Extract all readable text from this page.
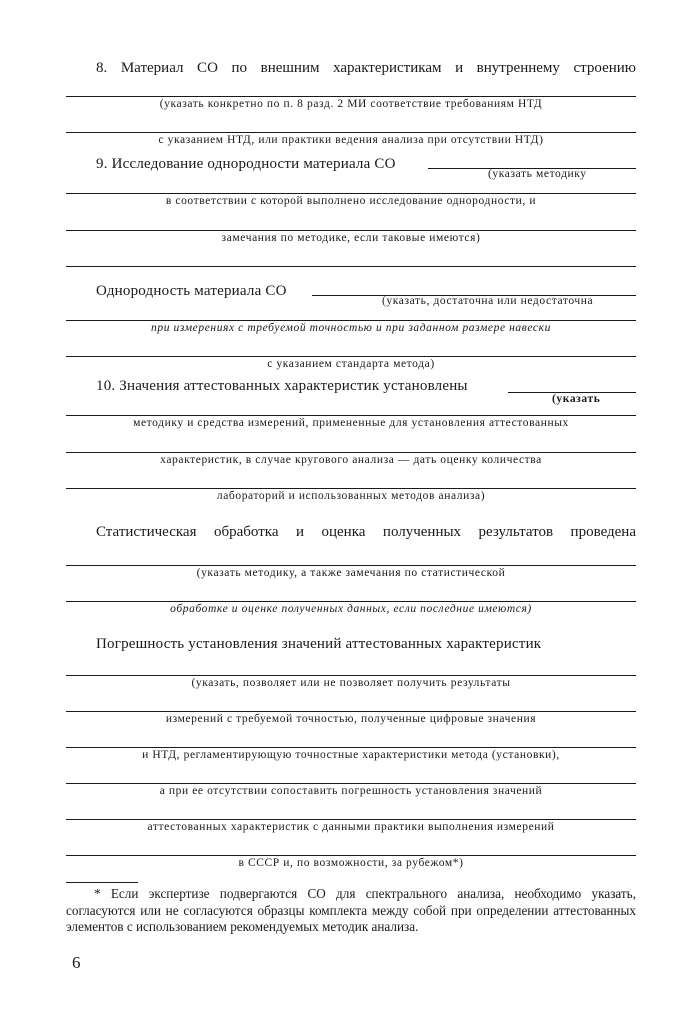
8. Материал СО по внешним характеристикам и внутреннему строению
(указать конкретно по п. 8 разд. 2 МИ соответствие требованиям НТД
с указанием НТД, или практики ведения анализа при отсутствии НТД)
9. Исследование однородности материала СО
(указать методику
в соответствии с которой выполнено исследование однородности, и
замечания по методике, если таковые имеются)
Однородность материала СО
(указать, достаточна или недостаточна
при измерениях с требуемой точностью и при заданном размере навески
с указанием стандарта метода)
10. Значения аттестованных характеристик установлены
(указать
методику и средства измерений, примененные для установления аттестованных
характеристик, в случае кругового анализа — дать оценку количества
лабораторий и использованных методов анализа)
Статистическая обработка и оценка полученных результатов проведена
(указать методику, а также замечания по статистической
обработке и оценке полученных данных, если последние имеются)
Погрешность установления значений аттестованных характеристик
(указать, позволяет или не позволяет получить результаты
измерений с требуемой точностью, полученные цифровые значения
и НТД, регламентирующую точностные характеристики метода (установки),
а при ее отсутствии сопоставить погрешность установления значений
аттестованных характеристик с данными практики выполнения измерений
в СССР и, по возможности, за рубежом*)
* Если экспертизе подвергаются СО для спектрального анализа, необходимо указать, согласуются или не согласуются образцы комплекта между собой при определении аттестованных элементов с использованием рекомендуемых методик анализа.
6
